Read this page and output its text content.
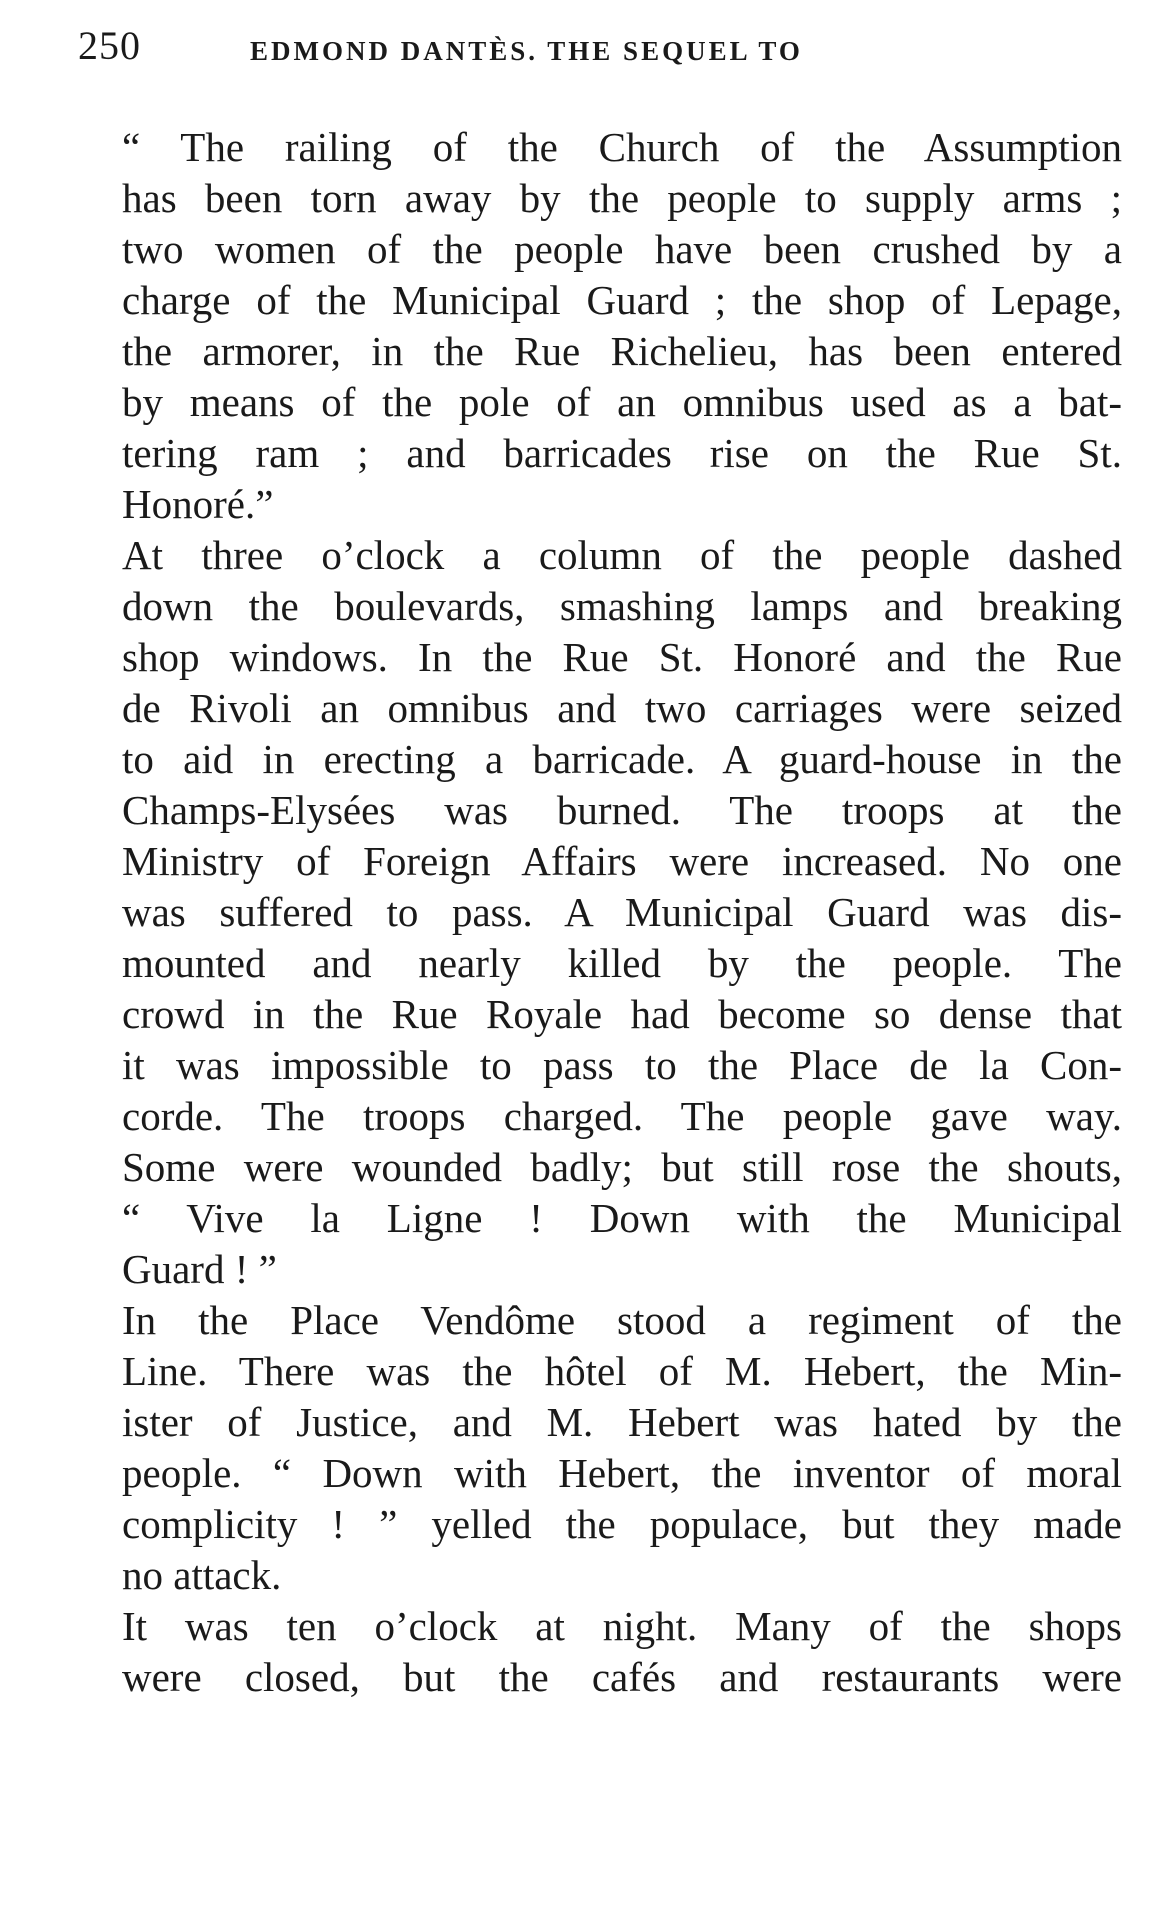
250	EDMOND DANTÈS. THE SEQUEL TO

“ The railing of the Church of the Assumption
has been torn away by the people to supply arms ;
two women of the people have been crushed by a
charge of the Municipal Guard ; the shop of Lepage,
the armorer, in the Rue Richelieu, has been entered
by means of the pole of an omnibus used as a bat-
tering ram ; and barricades rise on the Rue St.
Honoré.”

At three o’clock a column of the people dashed
down the boulevards, smashing lamps and breaking
shop windows. In the Rue St. Honoré and the Rue
de Rivoli an omnibus and two carriages were seized
to aid in erecting a barricade. A guard-house in the
Champs-Elysées was burned. The troops at the
Ministry of Foreign Affairs were increased. No one
was suffered to pass. A Municipal Guard was dis-
mounted and nearly killed by the people. The
crowd in the Rue Royale had become so dense that
it was impossible to pass to the Place de la Con-
corde. The troops charged. The people gave way.
Some were wounded badly; but still rose the shouts,
“ Vive la Ligne ! Down with the Municipal
Guard ! ”

In the Place Vendôme stood a regiment of the
Line. There was the hôtel of M. Hebert, the Min-
ister of Justice, and M. Hebert was hated by the
people. “ Down with Hebert, the inventor of moral
complicity ! ” yelled the populace, but they made
no attack.

It was ten o’clock at night. Many of the shops
were closed, but the cafés and restaurants were
